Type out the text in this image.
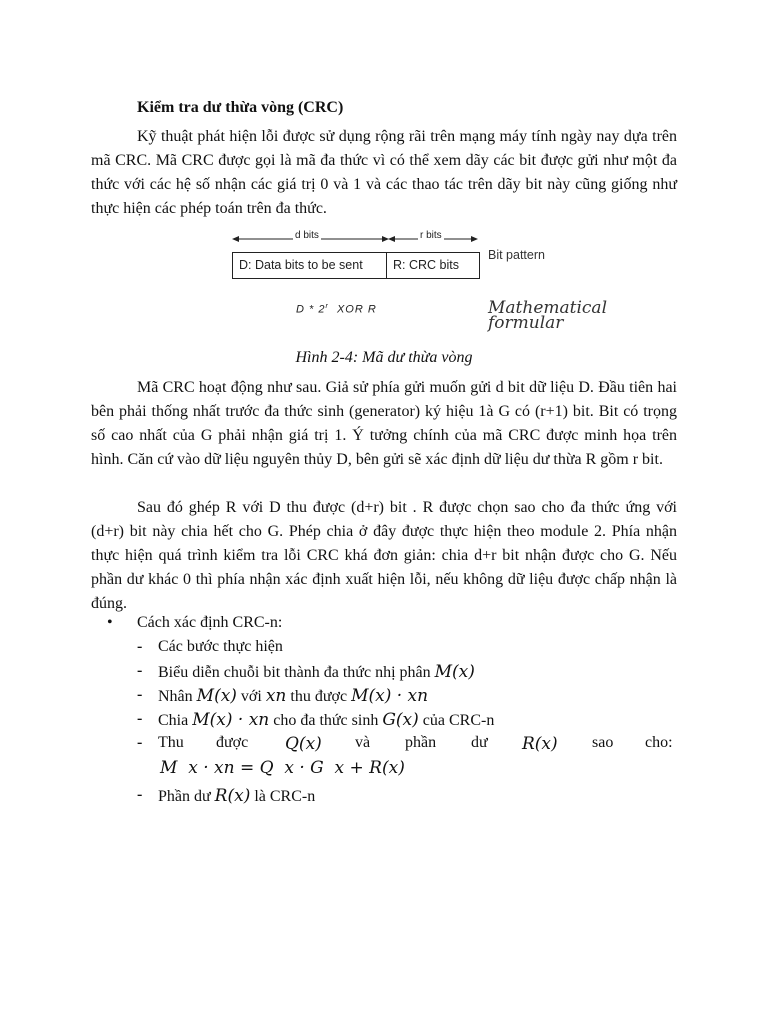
Kiểm tra dư thừa vòng (CRC)

Kỹ thuật phát hiện lỗi được sử dụng rộng rãi trên mạng máy tính ngày nay dựa trên mã CRC. Mã CRC được gọi là mã đa thức vì có thể xem dãy các bit được gửi như một đa thức với các hệ số nhận các giá trị 0 và 1 và các thao tác trên dãy bit này cũng giống như thực hiện các phép toán trên đa thức.

d bits	r bits
D: Data bits to be sent	R: CRC bits
Bit pattern
D * 2$^r$ XOR R	Mathematical formular
Hình 2-4: Mã dư thừa vòng

Mã CRC hoạt động như sau. Giả sử phía gửi muốn gửi d bit dữ liệu D. Đầu tiên hai bên phải thống nhất trước đa thức sinh (generator) ký hiệu 1à G có (r+1) bit. Bit có trọng số cao nhất của G phải nhận giá trị 1. Ý tưởng chính của mã CRC được minh họa trên hình. Căn cứ vào dữ liệu nguyên thủy D, bên gửi sẽ xác định dữ liệu dư thừa R gồm r bit.

Sau đó ghép R với D thu được (d+r) bit . R được chọn sao cho đa thức ứng với (d+r) bit này chia hết cho G. Phép chia ở đây được thực hiện theo module 2. Phía nhận thực hiện quá trình kiểm tra lỗi CRC khá đơn giản: chia d+r bit nhận được cho G. Nếu phần dư khác 0 thì phía nhận xác định xuất hiện lỗi, nếu không dữ liệu được chấp nhận là đúng.

• Cách xác định CRC-n:
- Các bước thực hiện
- Biểu diễn chuỗi bit thành đa thức nhị phân M(x)
- Nhân M(x) với xn thu được M(x) · xn
- Chia M(x) · xn cho đa thức sinh G(x) của CRC-n
- Thu được Q(x) và phần dư R(x) sao cho:
M  x · xn = Q  x · G  x + R(x)
- Phần dư R(x) là CRC-n
